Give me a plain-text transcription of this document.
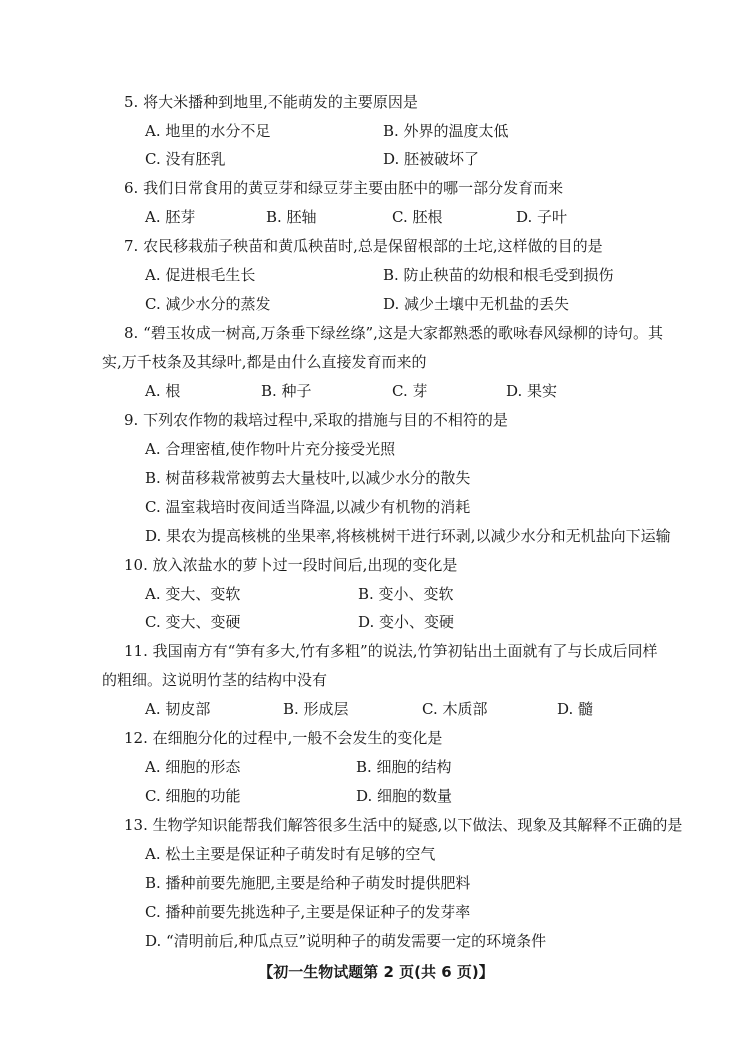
5. 将大米播种到地里,不能萌发的主要原因是
A. 地里的水分不足	B. 外界的温度太低
C. 没有胚乳	D. 胚被破坏了
6. 我们日常食用的黄豆芽和绿豆芽主要由胚中的哪一部分发育而来
A. 胚芽	B. 胚轴	C. 胚根	D. 子叶
7. 农民移栽茄子秧苗和黄瓜秧苗时,总是保留根部的土坨,这样做的目的是
A. 促进根毛生长	B. 防止秧苗的幼根和根毛受到损伤
C. 减少水分的蒸发	D. 减少土壤中无机盐的丢失
8. “碧玉妆成一树高,万条垂下绿丝绦”,这是大家都熟悉的歌咏春风绿柳的诗句。其
实,万千枝条及其绿叶,都是由什么直接发育而来的
A. 根	B. 种子	C. 芽	D. 果实
9. 下列农作物的栽培过程中,采取的措施与目的不相符的是
A. 合理密植,使作物叶片充分接受光照
B. 树苗移栽常被剪去大量枝叶,以减少水分的散失
C. 温室栽培时夜间适当降温,以减少有机物的消耗
D. 果农为提高核桃的坐果率,将核桃树干进行环剥,以减少水分和无机盐向下运输
10. 放入浓盐水的萝卜过一段时间后,出现的变化是
A. 变大、变软	B. 变小、变软
C. 变大、变硬	D. 变小、变硬
11. 我国南方有“笋有多大,竹有多粗”的说法,竹笋初钻出土面就有了与长成后同样
的粗细。这说明竹茎的结构中没有
A. 韧皮部	B. 形成层	C. 木质部	D. 髓
12. 在细胞分化的过程中,一般不会发生的变化是
A. 细胞的形态	B. 细胞的结构
C. 细胞的功能	D. 细胞的数量
13. 生物学知识能帮我们解答很多生活中的疑惑,以下做法、现象及其解释不正确的是
A. 松土主要是保证种子萌发时有足够的空气
B. 播种前要先施肥,主要是给种子萌发时提供肥料
C. 播种前要先挑选种子,主要是保证种子的发芽率
D. “清明前后,种瓜点豆”说明种子的萌发需要一定的环境条件
【初一生物试题第 2 页(共 6 页)】
